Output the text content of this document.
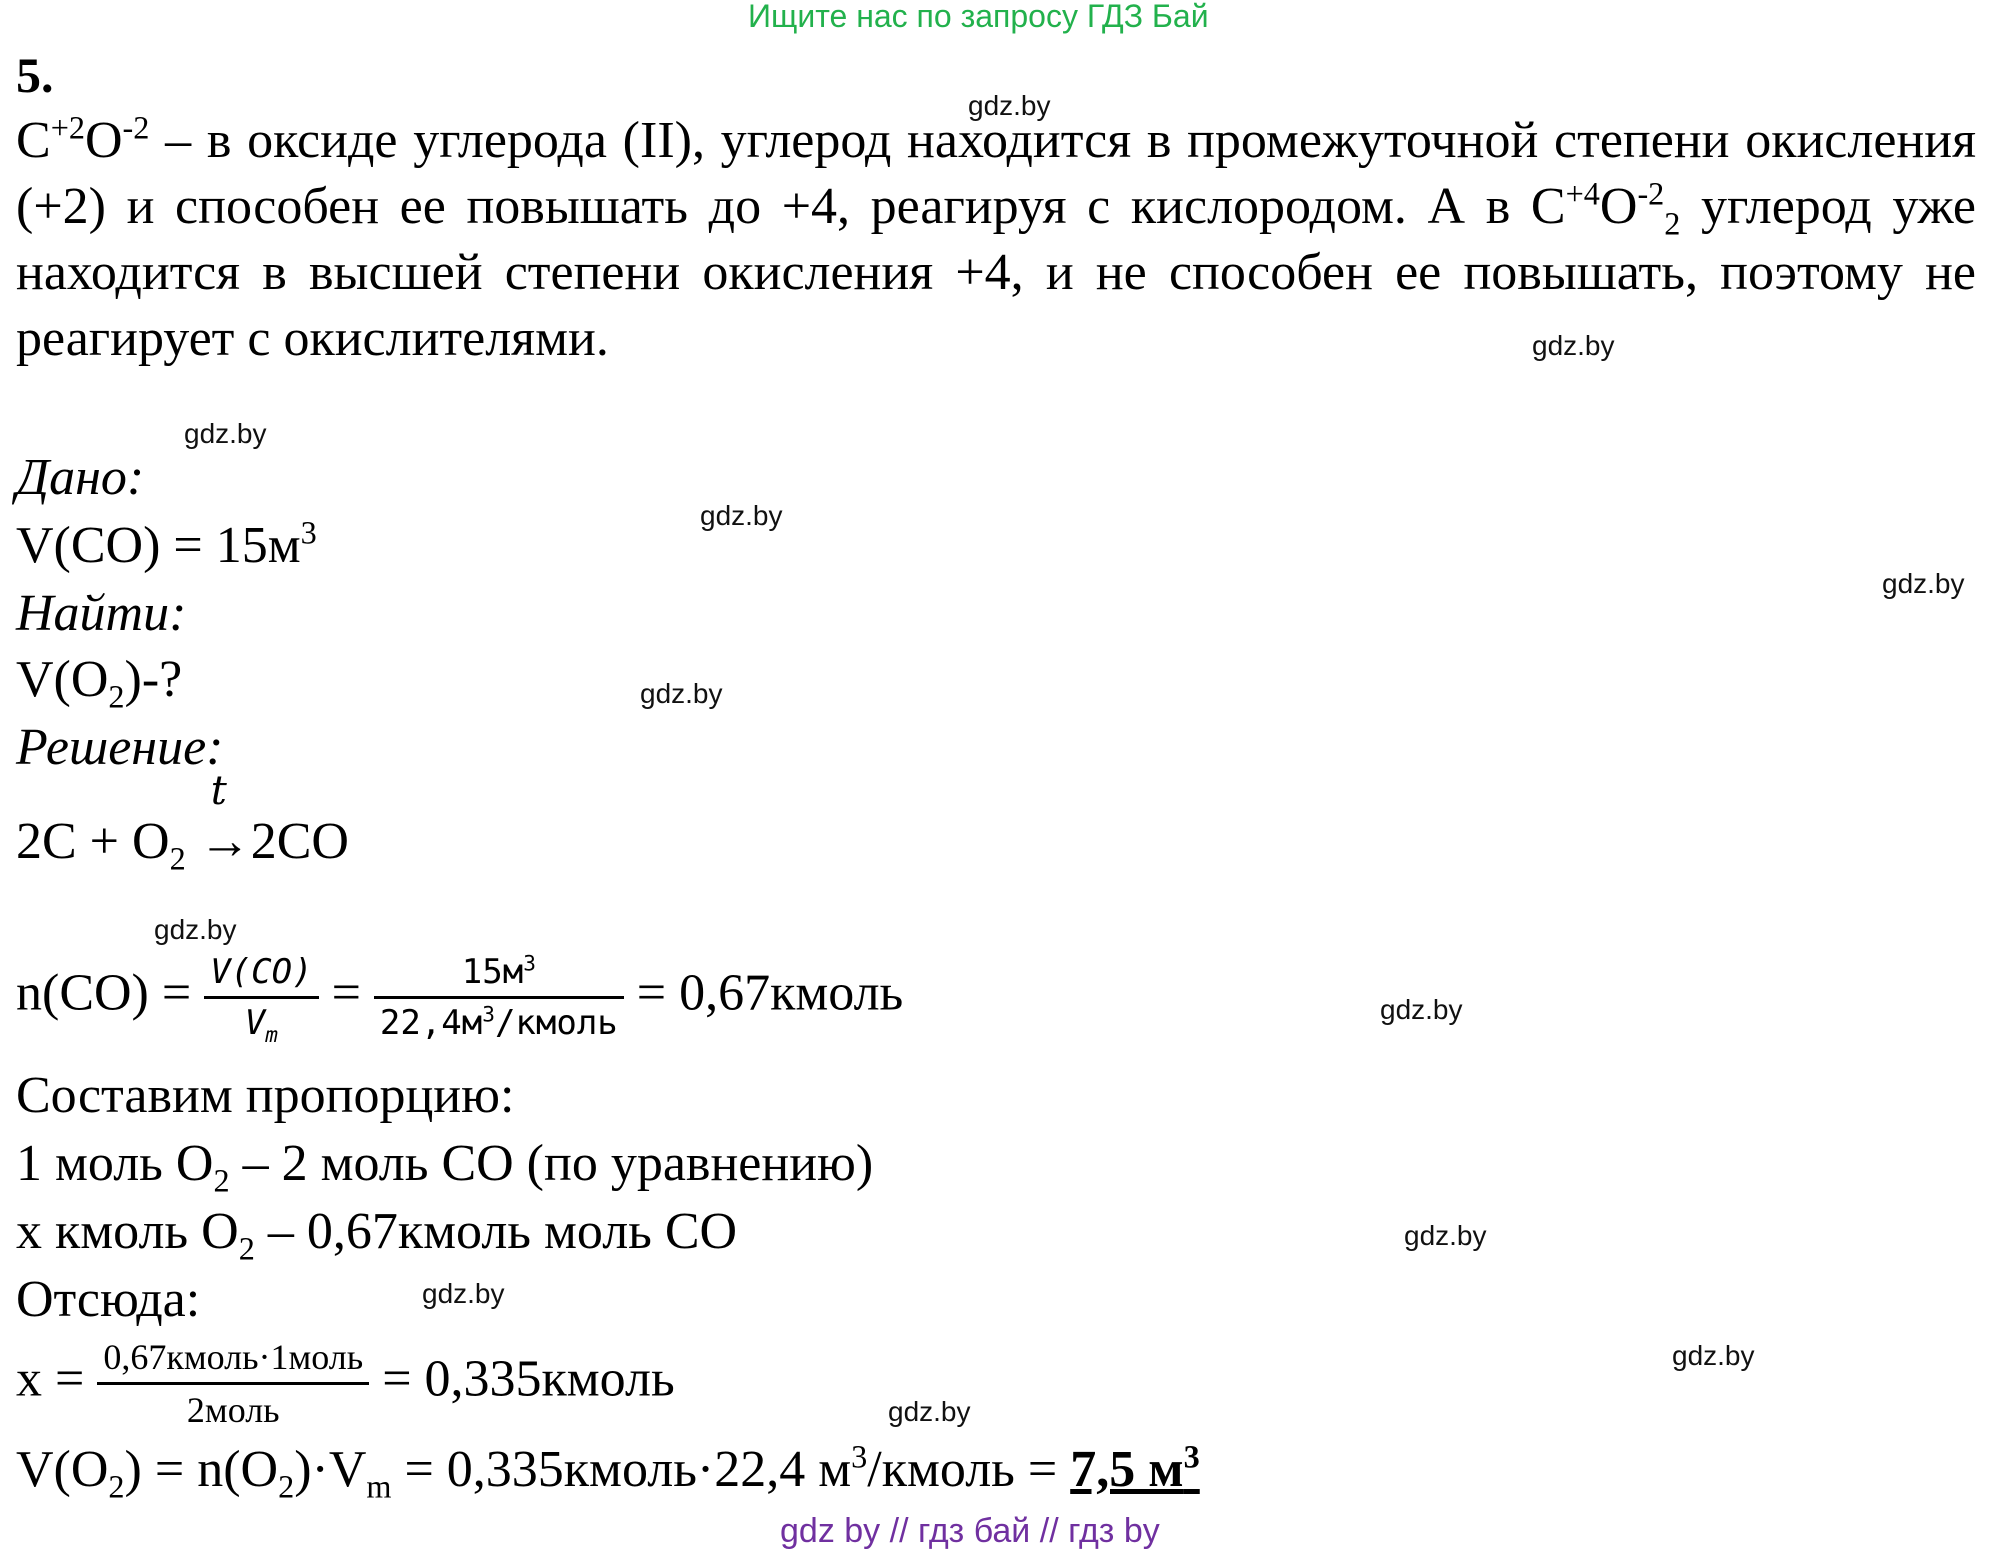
Ищите нас по запросу ГДЗ Бай
5.
$C^{+2}O^{-2}$ – в оксиде углерода (II), углерод находится в промежуточной степени окисления (+2) и способен ее повышать до +4, реагируя с кислородом. А в $C^{+4}O^{-2}_2$ углерод уже находится в высшей степени окисления +4, и не способен ее повышать, поэтому не реагирует с окислителями.
Дано:
$V(CO) = 15м^3$
Найти:
$V(O_2)-$?
Решение:
$2C + O_2$
t
→2CO
$n(CO) = \frac{V(CO)}{V_m} = \frac{15м^3}{22,4м^3/кмоль}$ = 0,67кмоль
Составим пропорцию:
1 моль $O_2 - 2$ моль CO (по уравнению)
x кмоль $O_2$ – 0,67кмоль моль CO
Отсюда:
$x = \frac{\text{0,67кмоль·1моль}}{\text{2моль}}$ = 0,335кмоль
$V(O_2) = n(O_2)\cdot V_m$ = 0,335кмоль·22,4 $м^3$/кмоль = 7,5 $м^3$
gdz.by
gdz.by
gdz.by
gdz.by
gdz.by
gdz.by
gdz.by
gdz.by
gdz.by
gdz.by
gdz.by
gdz.by
gdz by // гдз бай // гдз by
